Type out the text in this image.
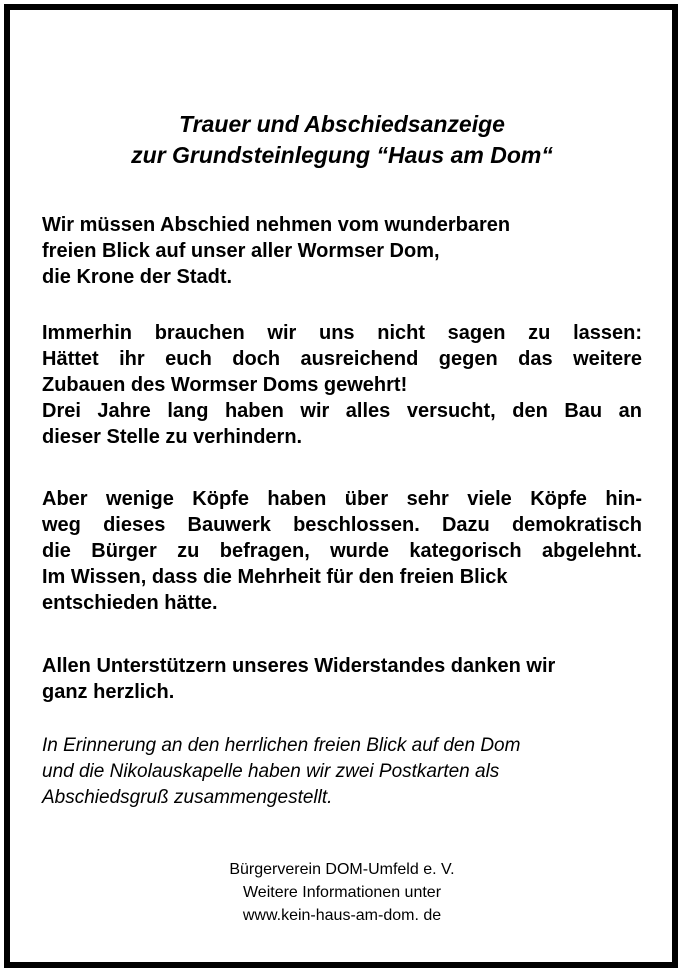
Trauer und Abschiedsanzeige
zur Grundsteinlegung “Haus am Dom“

Wir müssen Abschied nehmen vom wunderbaren
freien Blick auf unser aller Wormser Dom,
die Krone der Stadt.

Immerhin brauchen wir uns nicht sagen zu lassen:
Hättet ihr euch doch ausreichend gegen das weitere
Zubauen des Wormser Doms gewehrt!
Drei Jahre lang haben wir alles versucht, den Bau an
dieser Stelle zu verhindern.

Aber wenige Köpfe haben über sehr viele Köpfe hin-
weg dieses Bauwerk beschlossen. Dazu demokratisch
die Bürger zu befragen, wurde kategorisch abgelehnt.
Im Wissen, dass die Mehrheit für den freien Blick
entschieden hätte.

Allen Unterstützern unseres Widerstandes danken wir
ganz herzlich.

In Erinnerung an den herrlichen freien Blick auf den Dom
und die Nikolauskapelle haben wir zwei Postkarten als
Abschiedsgruß zusammengestellt.

Bürgerverein DOM-Umfeld e. V.
Weitere Informationen unter
www.kein-haus-am-dom. de
